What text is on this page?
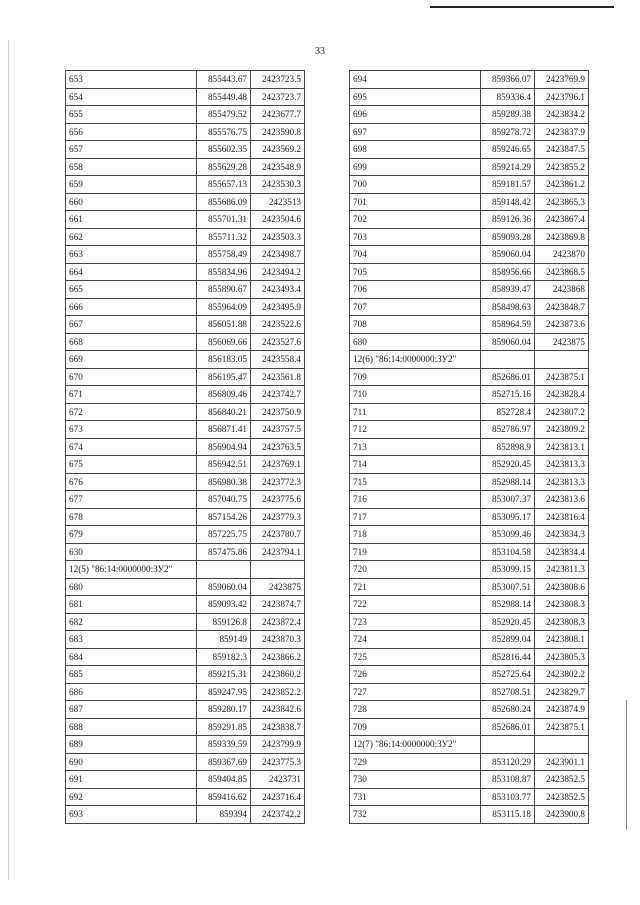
33
653	855443.67	2423723.5
654	855449.48	2423723.7
655	855479.52	2423677.7
656	855576.75	2423590.8
657	855602.35	2423569.2
658	855629.28	2423548.9
659	855657.13	2423530.3
660	855686.09	2423513
661	855701.31	2423504.6
662	855711.32	2423503.3
663	855758.49	2423498.7
664	855834.96	2423494.2
665	855890.67	2423493.4
666	855964.09	2423495.9
667	856051.88	2423522.6
668	856069.66	2423527.6
669	856183.05	2423558.4
670	856195.47	2423561.8
671	856809.46	2423742.7
672	856840.21	2423750.9
673	856871.41	2423757.5
674	856904.94	2423763.5
675	856942.51	2423769.1
676	856980.38	2423772.3
677	857040.75	2423775.6
678	857154.26	2423779.3
679	857225.75	2423780.7
630	857475.86	2423794.1
12(5) "86:14:0000000:ЗУ2"		
680	859060.04	2423875
681	859093.42	2423874.7
682	859126.8	2423872.4
683	859149	2423870.3
684	859182.3	2423866.2
685	859215.31	2423860.2
686	859247.95	2423852.2
687	859280.17	2423842.6
688	859291.85	2423838.7
689	859339.59	2423799.9
690	859367.69	2423775.3
691	859404.85	2423731
692	859416.62	2423716.4
693	859394	2423742.2
694	859366.07	2423769.9
695	859336.4	2423796.1
696	859289.38	2423834.2
697	859278.72	2423837.9
698	859246.65	2423847.5
699	859214.29	2423855.2
700	859181.57	2423861.2
701	859148.42	2423865.3
702	859126.36	2423867.4
703	859093.28	2423869.8
704	859060.04	2423870
705	858956.66	2423868.5
706	858939.47	2423868
707	858498.63	2423848.7
708	858964.59	2423873.6
680	859060.04	2423875
12(6) "86:14:0000000:ЗУ2"		
709	852686.01	2423875.1
710	852715.16	2423828.4
711	852728.4	2423807.2
712	852786.97	2423809.2
713	852898.9	2423813.1
714	852920.45	2423813.3
715	852988.14	2423813.3
716	853007.37	2423813.6
717	853095.17	2423816.4
718	853099.46	2423834.3
719	853104.58	2423834.4
720	853099.15	2423811.3
721	853007.51	2423808.6
722	852988.14	2423808.3
723	852920.45	2423808.3
724	852899.04	2423808.1
725	852816.44	2423805.3
726	852725.64	2423802.2
727	852708.51	2423829.7
728	852680.24	2423874.9
709	852686.01	2423875.1
12(7) "86:14:0000000:ЗУ2"		
729	853120.29	2423901.1
730	853108.87	2423852.5
731	853103.77	2423852.5
732	853115.18	2423900.8
